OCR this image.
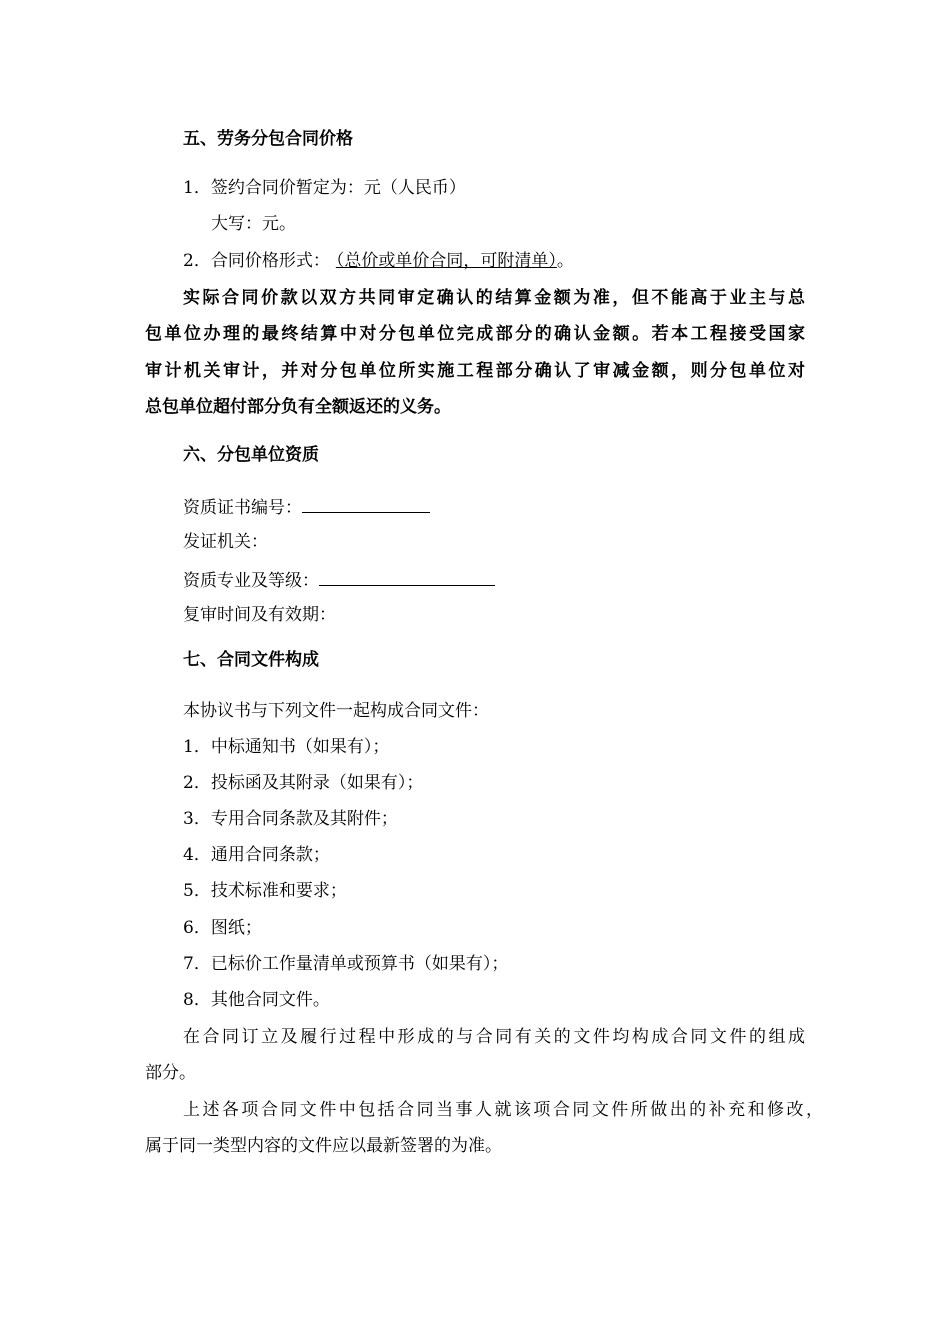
五、劳务分包合同价格

1．签约合同价暂定为：元（人民币）

大写：元。

2．合同价格形式： （总价或单价合同，可附清单）。

实际合同价款以双方共同审定确认的结算金额为准，但不能高于业主与总

包单位办理的最终结算中对分包单位完成部分的确认金额。若本工程接受国家

审计机关审计，并对分包单位所实施工程部分确认了审减金额，则分包单位对

总包单位超付部分负有全额返还的义务。

六、分包单位资质

资质证书编号：

发证机关：

资质专业及等级：

复审时间及有效期：

七、合同文件构成

本协议书与下列文件一起构成合同文件：

1．中标通知书（如果有）；

2．投标函及其附录（如果有）；

3．专用合同条款及其附件；

4．通用合同条款；

5．技术标准和要求；

6．图纸；

7．已标价工作量清单或预算书（如果有）；

8．其他合同文件。

在合同订立及履行过程中形成的与合同有关的文件均构成合同文件的组成

部分。

上述各项合同文件中包括合同当事人就该项合同文件所做出的补充和修改，

属于同一类型内容的文件应以最新签署的为准。
